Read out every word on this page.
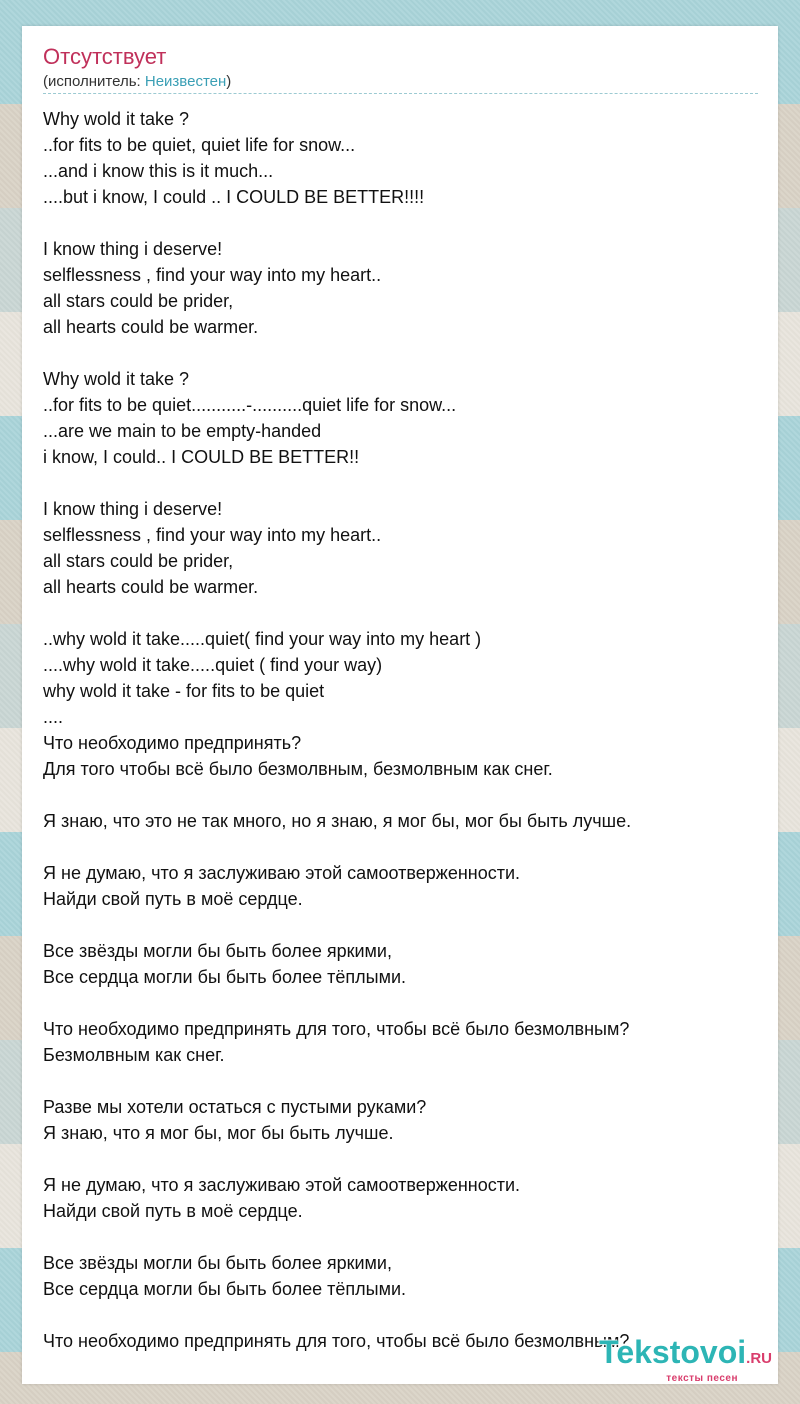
Отсутствует
(исполнитель: Неизвестен)
Why wold it take ?
..for fits to be quiet, quiet life for snow...
...and i know this is it much...
....but i know, I could .. I COULD BE BETTER!!!!
I know thing i deserve!
selflessness , find your way into my heart..
all stars could be prider,
all hearts could be warmer.
Why wold it take ?
..for fits to be quiet...........-..........quiet life for snow...
...are we main to be empty-handed
i know, I could.. I COULD BE BETTER!!
I know thing i deserve!
selflessness , find your way into my heart..
all stars could be prider,
all hearts could be warmer.
..why wold it take.....quiet( find your way into my heart )
....why wold it take.....quiet ( find your way)
why wold it take - for fits to be quiet
....
Что необходимо предпринять?
Для того чтобы всё было безмолвным, безмолвным как снег.
Я знаю, что это не так много, но я знаю, я мог бы, мог бы быть лучше.
Я не думаю, что я заслуживаю этой самоотверженности.
Найди свой путь в моё сердце.
Все звёзды могли бы быть более яркими,
Все сердца могли бы быть более тёплыми.
Что необходимо предпринять для того, чтобы всё было безмолвным?
Безмолвным как снег.
Разве мы хотели остаться с пустыми руками?
Я знаю, что я мог бы, мог бы быть лучше.
Я не думаю, что я заслуживаю этой самоотверженности.
Найди свой путь в моё сердце.
Все звёзды могли бы быть более яркими,
Все сердца могли бы быть более тёплыми.
Что необходимо предпринять для того, чтобы всё было безмолвным?
Tekstovoi.RU
тексты песен
